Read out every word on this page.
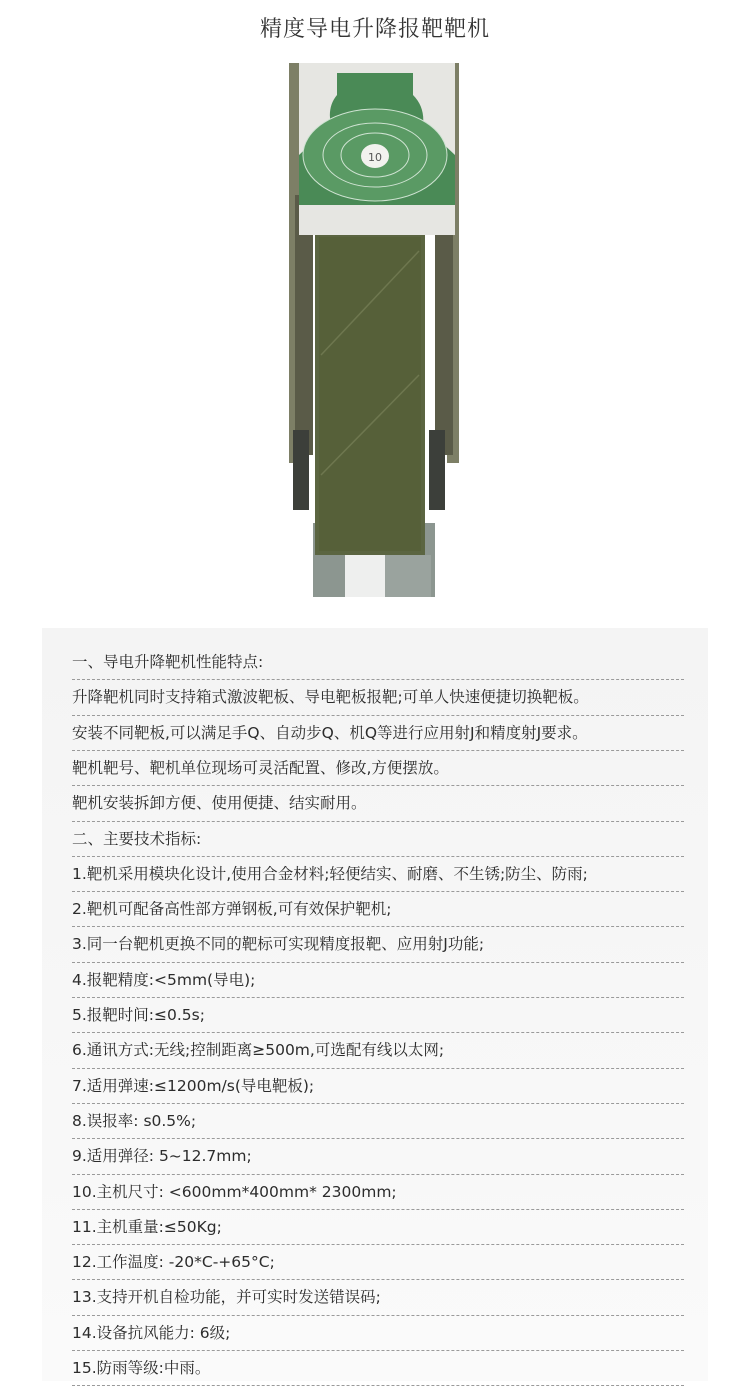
精度导电升降报靶靶机
10
一、导电升降靶机性能特点:
升降靶机同时支持箱式激波靶板、导电靶板报靶;可单人快速便捷切换靶板。
安装不同靶板,可以满足手Q、自动步Q、机Q等进行应用射J和精度射J要求。
靶机靶号、靶机单位现场可灵活配置、修改,方便摆放。
靶机安装拆卸方便、使用便捷、结实耐用。
二、主要技术指标:
1.靶机采用模块化设计,使用合金材料;轻便结实、耐磨、不生锈;防尘、防雨;
2.靶机可配备高性部方弹钢板,可有效保护靶机;
3.同一台靶机更换不同的靶标可实现精度报靶、应用射J功能;
4.报靶精度:<5mm(导电);
5.报靶时间:≤0.5s;
6.通讯方式:无线;控制距离≥500m,可选配有线以太网;
7.适用弹速:≤1200m/s(导电靶板);
8.误报率: s0.5%;
9.适用弹径: 5~12.7mm;
10.主机尺寸: <600mm*400mm* 2300mm;
11.主机重量:≤50Kg;
12.工作温度: -20*C-+65°C;
13.支持开机自检功能，并可实时发送错误码;
14.设备抗风能力: 6级;
15.防雨等级:中雨。
